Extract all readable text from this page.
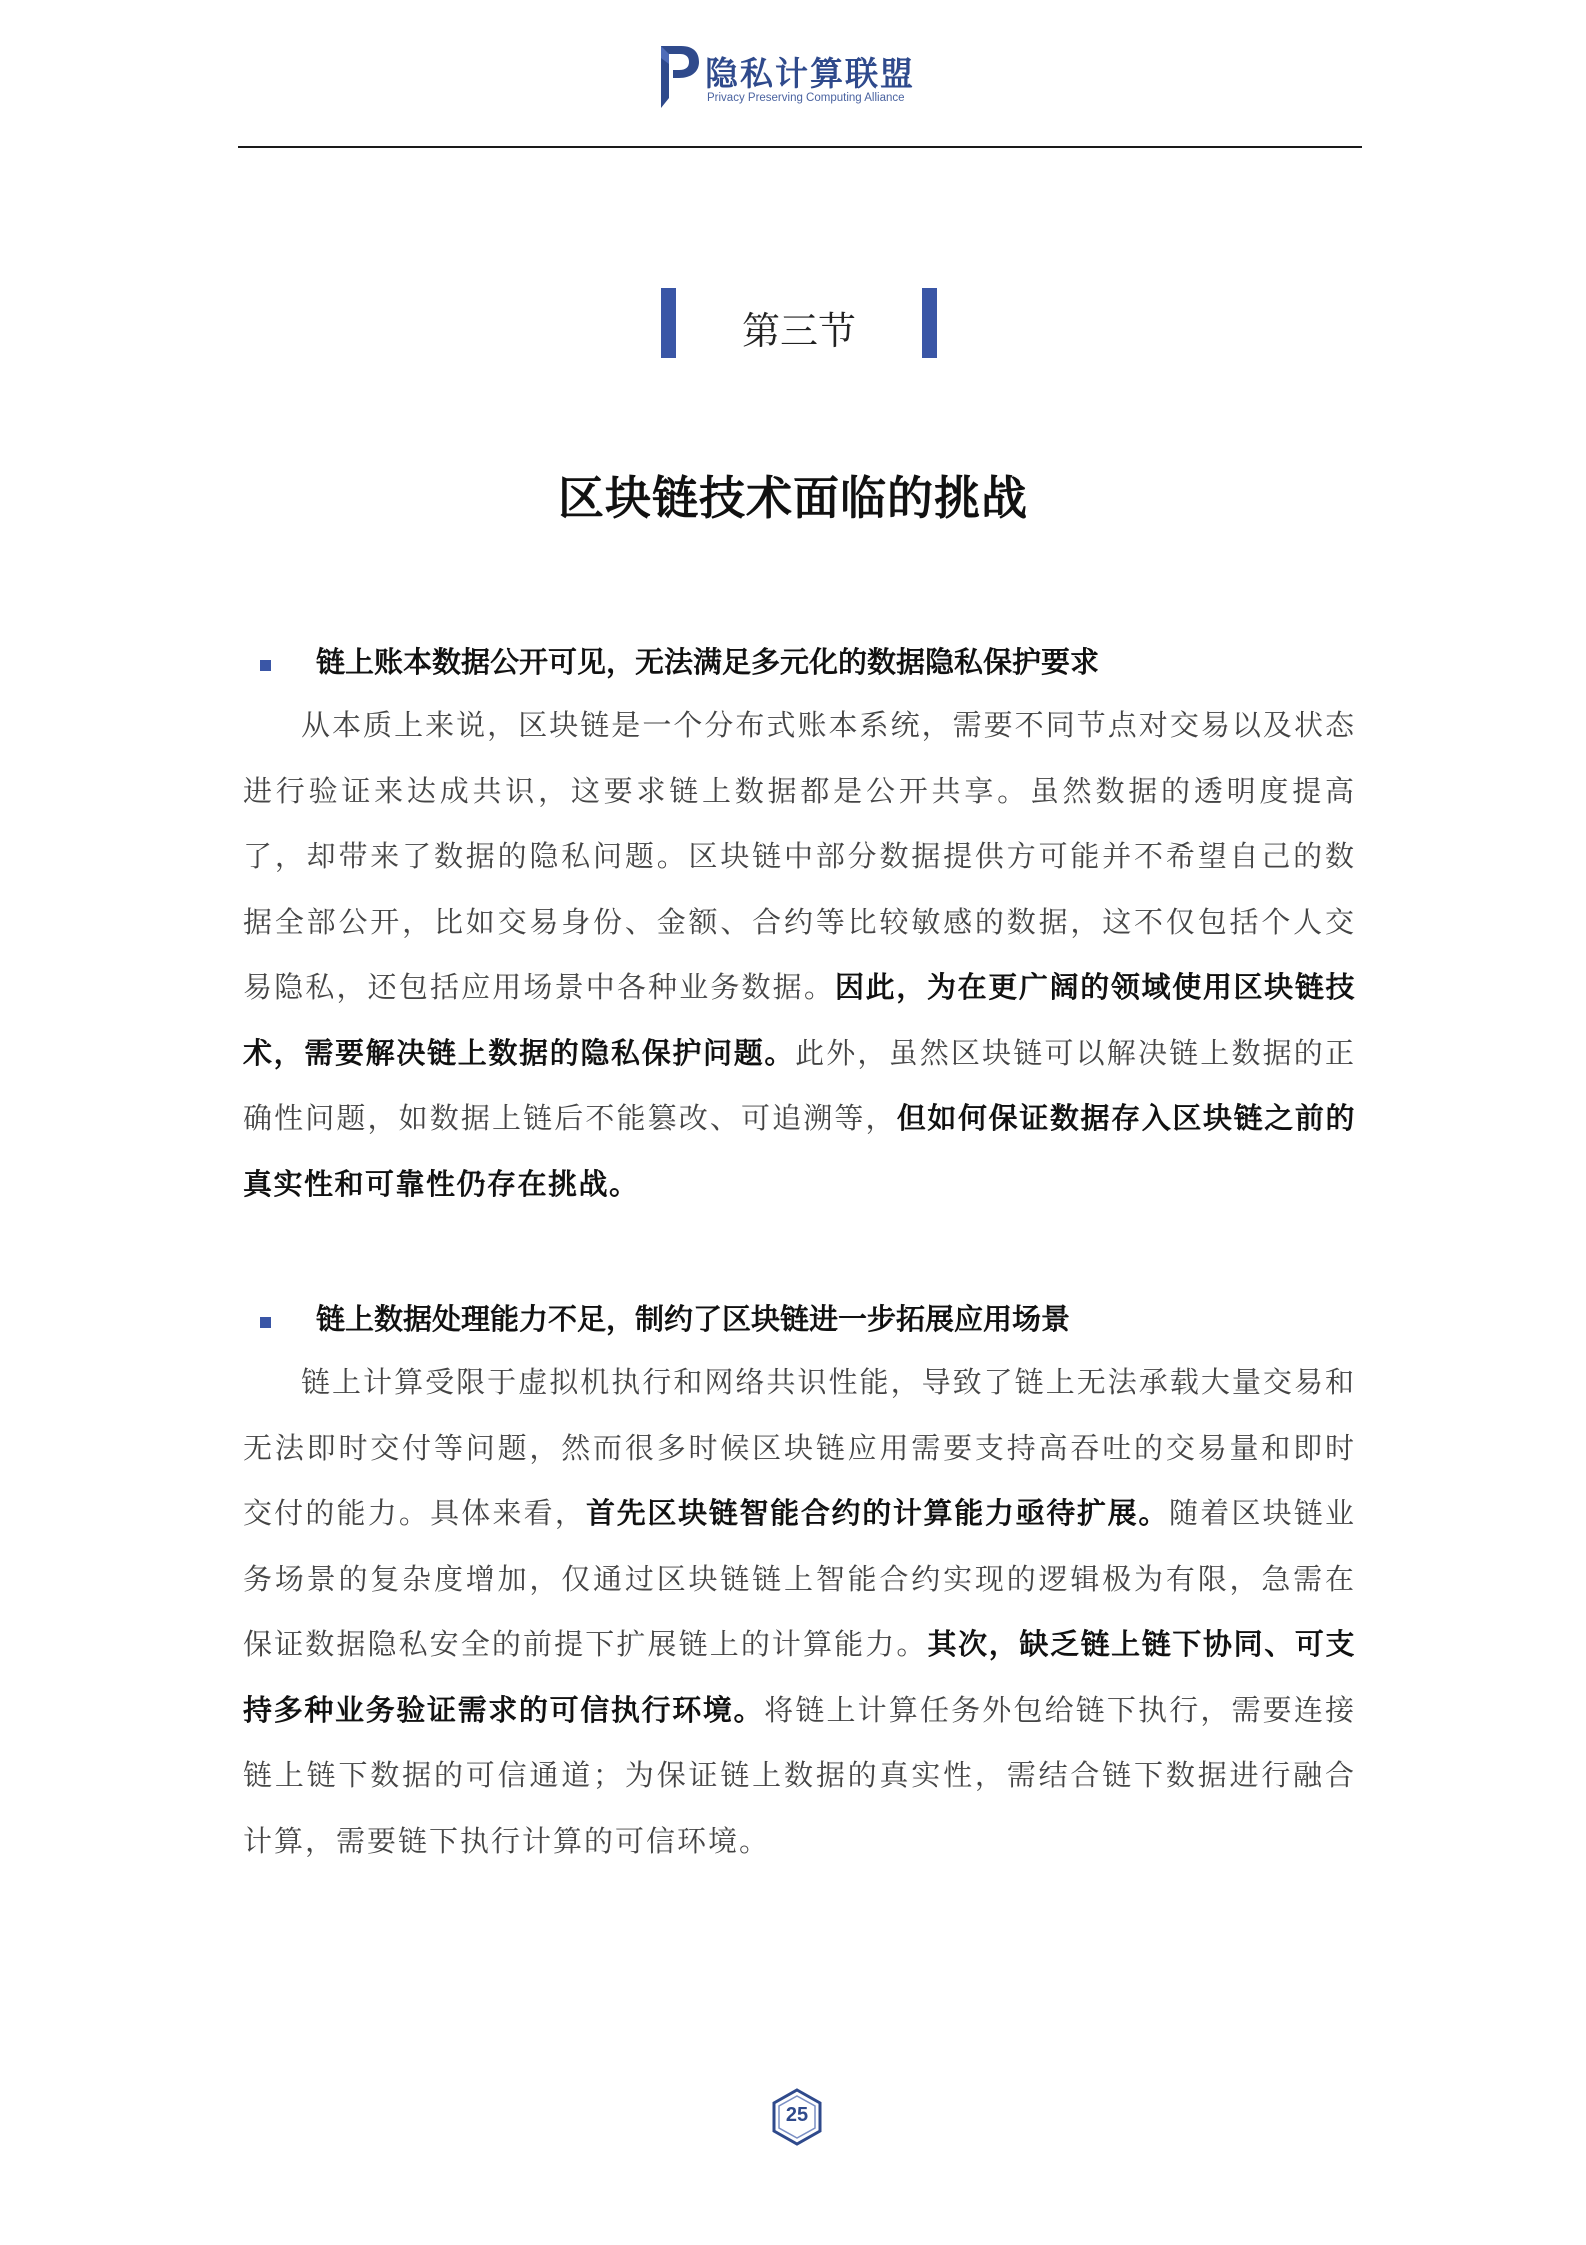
隐私计算联盟
Privacy Preserving Computing Alliance
第三节
区块链技术面临的挑战
链上账本数据公开可见，无法满足多元化的数据隐私保护要求

从本质上来说，区块链是一个分布式账本系统，需要不同节点对交易以及状态进行验证来达成共识，这要求链上数据都是公开共享。虽然数据的透明度提高了，却带来了数据的隐私问题。区块链中部分数据提供方可能并不希望自己的数据全部公开，比如交易身份、金额、合约等比较敏感的数据，这不仅包括个人交易隐私，还包括应用场景中各种业务数据。因此，为在更广阔的领域使用区块链技术，需要解决链上数据的隐私保护问题。此外，虽然区块链可以解决链上数据的正确性问题，如数据上链后不能篡改、可追溯等，但如何保证数据存入区块链之前的真实性和可靠性仍存在挑战。

链上数据处理能力不足，制约了区块链进一步拓展应用场景

链上计算受限于虚拟机执行和网络共识性能，导致了链上无法承载大量交易和无法即时交付等问题，然而很多时候区块链应用需要支持高吞吐的交易量和即时交付的能力。具体来看，首先区块链智能合约的计算能力亟待扩展。随着区块链业务场景的复杂度增加，仅通过区块链链上智能合约实现的逻辑极为有限，急需在保证数据隐私安全的前提下扩展链上的计算能力。其次，缺乏链上链下协同、可支持多种业务验证需求的可信执行环境。将链上计算任务外包给链下执行，需要连接链上链下数据的可信通道；为保证链上数据的真实性，需结合链下数据进行融合计算，需要链下执行计算的可信环境。

25
